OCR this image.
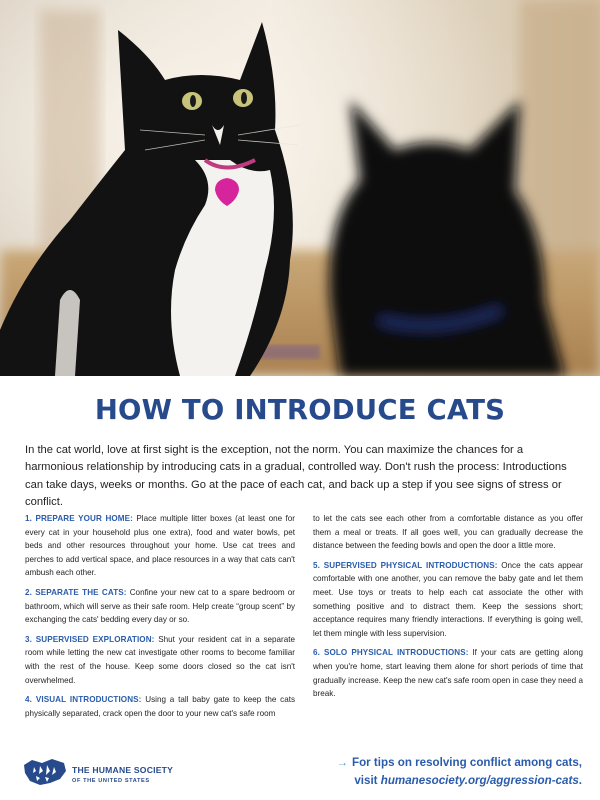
HOW TO INTRODUCE CATS

In the cat world, love at first sight is the exception, not the norm. You can maximize the chances for a harmonious relationship by introducing cats in a gradual, controlled way. Don't rush the process: Introductions can take days, weeks or months. Go at the pace of each cat, and back up a step if you see signs of stress or conflict.

1. PREPARE YOUR HOME: Place multiple litter boxes (at least one for every cat in your household plus one extra), food and water bowls, pet beds and other resources throughout your home. Use cat trees and perches to add vertical space, and place resources in a way that cats can't ambush each other.

2. SEPARATE THE CATS: Confine your new cat to a spare bedroom or bathroom, which will serve as their safe room. Help create “group scent” by exchanging the cats' bedding every day or so.

3. SUPERVISED EXPLORATION: Shut your resident cat in a separate room while letting the new cat investigate other rooms to become familiar with the rest of the house. Keep some doors closed so the cat isn't overwhelmed.

4. VISUAL INTRODUCTIONS: Using a tall baby gate to keep the cats physically separated, crack open the door to your new cat's safe room

to let the cats see each other from a comfortable distance as you offer them a meal or treats. If all goes well, you can gradually decrease the distance between the feeding bowls and open the door a little more.

5. SUPERVISED PHYSICAL INTRODUCTIONS: Once the cats appear comfortable with one another, you can remove the baby gate and let them meet. Use toys or treats to help each cat associate the other with something positive and to distract them. Keep the sessions short; acceptance requires many friendly interactions. If everything is going well, let them mingle with less supervision.

6. SOLO PHYSICAL INTRODUCTIONS: If your cats are getting along when you're home, start leaving them alone for short periods of time that gradually increase. Keep the new cat's safe room open in case they need a break.

THE HUMANE SOCIETY
OF THE UNITED STATES
→ For tips on resolving conflict among cats,
visit humanesociety.org/aggression-cats.
